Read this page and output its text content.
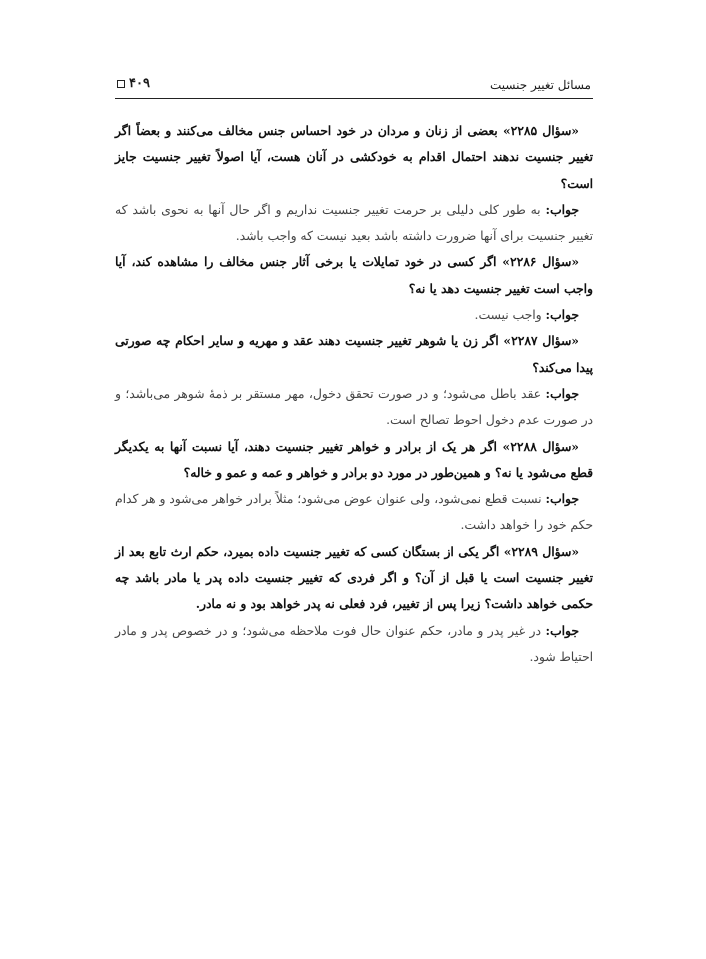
مسائل تغییر جنسیت
۴۰۹

«سؤال ۲۲۸۵» بعضی از زنان و مردان در خود احساس جنس مخالف می‌کنند و بعضاً اگر تغییر جنسیت ندهند احتمال اقدام به خودکشی در آنان هست، آیا اصولاً تغییر جنسیت جایز است؟

جواب: به طور کلی دلیلی بر حرمت تغییر جنسیت نداریم و اگر حال آنها به نحوی باشد که تغییر جنسیت برای آنها ضرورت داشته باشد بعید نیست که واجب باشد.

«سؤال ۲۲۸۶» اگر کسی در خود تمایلات یا برخی آثار جنس مخالف را مشاهده کند، آیا واجب است تغییر جنسیت دهد یا نه؟

جواب: واجب نیست.

«سؤال ۲۲۸۷» اگر زن یا شوهر تغییر جنسیت دهند عقد و مهریه و سایر احکام چه صورتی پیدا می‌کند؟

جواب: عقد باطل می‌شود؛ و در صورت تحقق دخول، مهر مستقر بر ذمهٔ شوهر می‌باشد؛ و در صورت عدم دخول احوط تصالح است.

«سؤال ۲۲۸۸» اگر هر یک از برادر و خواهر تغییر جنسیت دهند، آیا نسبت آنها به یکدیگر قطع می‌شود یا نه؟ و همین‌طور در مورد دو برادر و خواهر و عمه و عمو و خاله؟

جواب: نسبت قطع نمی‌شود، ولی عنوان عوض می‌شود؛ مثلاً برادر خواهر می‌شود و هر کدام حکم خود را خواهد داشت.

«سؤال ۲۲۸۹» اگر یکی از بستگان کسی که تغییر جنسیت داده بمیرد، حکم ارث تابع بعد از تغییر جنسیت است یا قبل از آن؟ و اگر فردی که تغییر جنسیت داده پدر یا مادر باشد چه حکمی خواهد داشت؟ زیرا پس از تغییر، فرد فعلی نه پدر خواهد بود و نه مادر.

جواب: در غیر پدر و مادر، حکم عنوان حال فوت ملاحظه می‌شود؛ و در خصوص پدر و مادر احتیاط شود.
